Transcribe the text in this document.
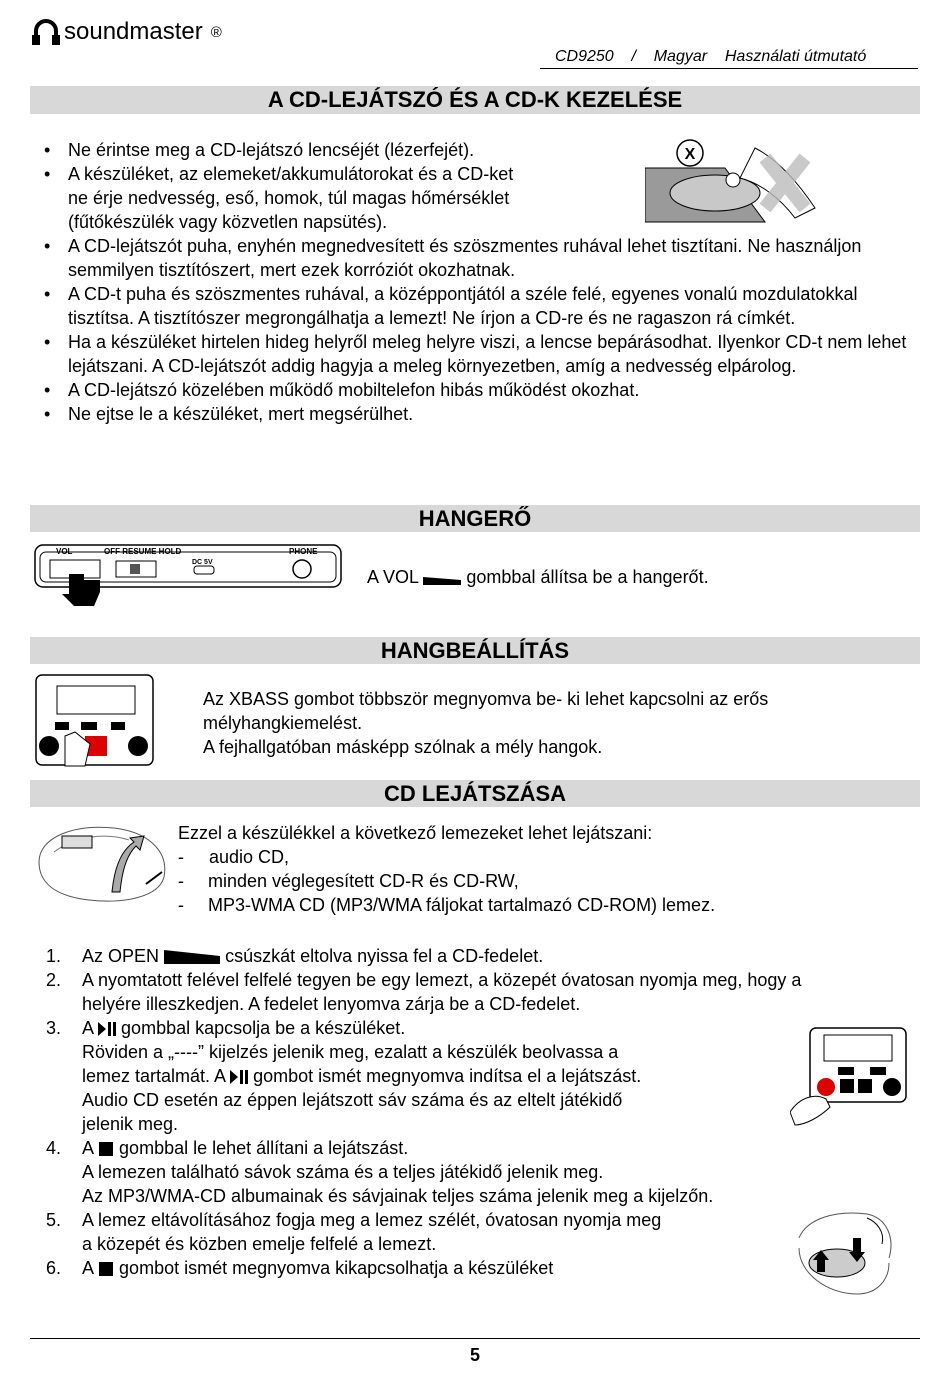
soundmaster ®
CD9250 / Magyar Használati útmutató
A CD-LEJÁTSZÓ ÉS A CD-K KEZELÉSE
• Ne érintse meg a CD-lejátszó lencséjét (lézerfejét).
• A készüléket, az elemeket/akkumulátorokat és a CD-ket
ne érje nedvesség, eső, homok, túl magas hőmérséklet
(fűtőkészülék vagy közvetlen napsütés).
• A CD-lejátszót puha, enyhén megnedvesített és szöszmentes ruhával lehet tisztítani. Ne használjon semmilyen tisztítószert, mert ezek korróziót okozhatnak.
• A CD-t puha és szöszmentes ruhával, a középpontjától a széle felé, egyenes vonalú mozdulatokkal tisztítsa. A tisztítószer megrongálhatja a lemezt! Ne írjon a CD-re és ne ragaszon rá címkét.
• Ha a készüléket hirtelen hideg helyről meleg helyre viszi, a lencse bepárásodhat. Ilyenkor CD-t nem lehet lejátszani. A CD-lejátszót addig hagyja a meleg környezetben, amíg a nedvesség elpárolog.
• A CD-lejátszó közelében működő mobiltelefon hibás működést okozhat.
• Ne ejtse le a készüléket, mert megsérülhet.
X
HANGERŐ
VOL	OFF RESUME HOLD
DC 5V
PHONE
A VOL	gombbal állítsa be a hangerőt.
HANGBEÁLLÍTÁS
Az XBASS gombot többször megnyomva be- ki lehet kapcsolni az erős
mélyhangkiemelést.
A fejhallgatóban másképp szólnak a mély hangok.
CD LEJÁTSZÁSA
Ezzel a készülékkel a következő lemezeket lehet lejátszani:
- audio CD,
- minden véglegesített CD-R és CD-RW,
- MP3-WMA CD (MP3/WMA fáljokat tartalmazó CD-ROM) lemez.
1. Az OPEN	csúszkát eltolva nyissa fel a CD-fedelet.
2. A nyomtatott felével felfelé tegyen be egy lemezt, a közepét óvatosan nyomja meg, hogy a
helyére illeszkedjen. A fedelet lenyomva zárja be a CD-fedelet.
3. A gombbal kapcsolja be a készüléket.
Röviden a „----” kijelzés jelenik meg, ezalatt a készülék beolvassa a
lemez tartalmát. A gombot ismét megnyomva indítsa el a lejátszást.
Audio CD esetén az éppen lejátszott sáv száma és az eltelt játékidő
jelenik meg.
4. A gombbal le lehet állítani a lejátszást.
A lemezen található sávok száma és a teljes játékidő jelenik meg.
Az MP3/WMA-CD albumainak és sávjainak teljes száma jelenik meg a kijelzőn.
5. A lemez eltávolításához fogja meg a lemez szélét, óvatosan nyomja meg
a közepét és közben emelje felfelé a lemezt.
6. A gombot ismét megnyomva kikapcsolhatja a készüléket
5
